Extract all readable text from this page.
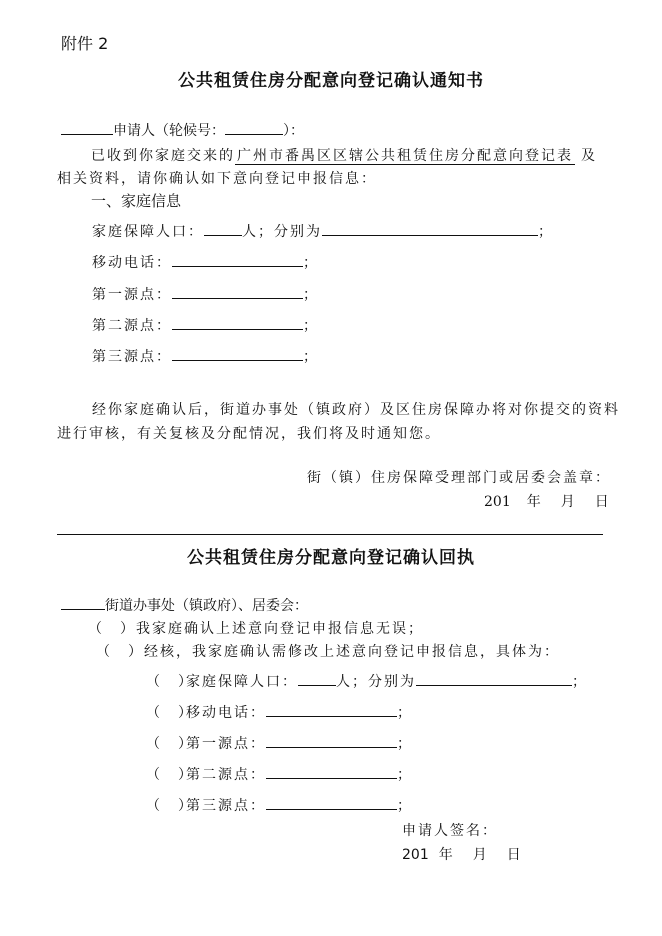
附件 2
公共租赁住房分配意向登记确认通知书
申请人（轮候号：	）：
已收到你家庭交来的 广州市番禺区区辖公共租赁住房分配意向登记表 及
相关资料，请你确认如下意向登记申报信息：
一、家庭信息
家庭保障人口：	人；分别为	；
移动电话：	；
第一源点：	；
第二源点：	；
第三源点：	；
经你家庭确认后，街道办事处（镇政府）及区住房保障办将对你提交的资料
进行审核，有关复核及分配情况，我们将及时通知您。
街（镇）住房保障受理部门或居委会盖章：
201 年 月 日
公共租赁住房分配意向登记确认回执
街道办事处（镇政府）、居委会：
（　）我家庭确认上述意向登记申报信息无误；
（　）经核，我家庭确认需修改上述意向登记申报信息，具体为：
（　）家庭保障人口：	人；分别为	；
（　）移动电话：	；
（　）第一源点：	；
（　）第二源点：	；
（　）第三源点：	；
申请人签名：
201 年 月 日
